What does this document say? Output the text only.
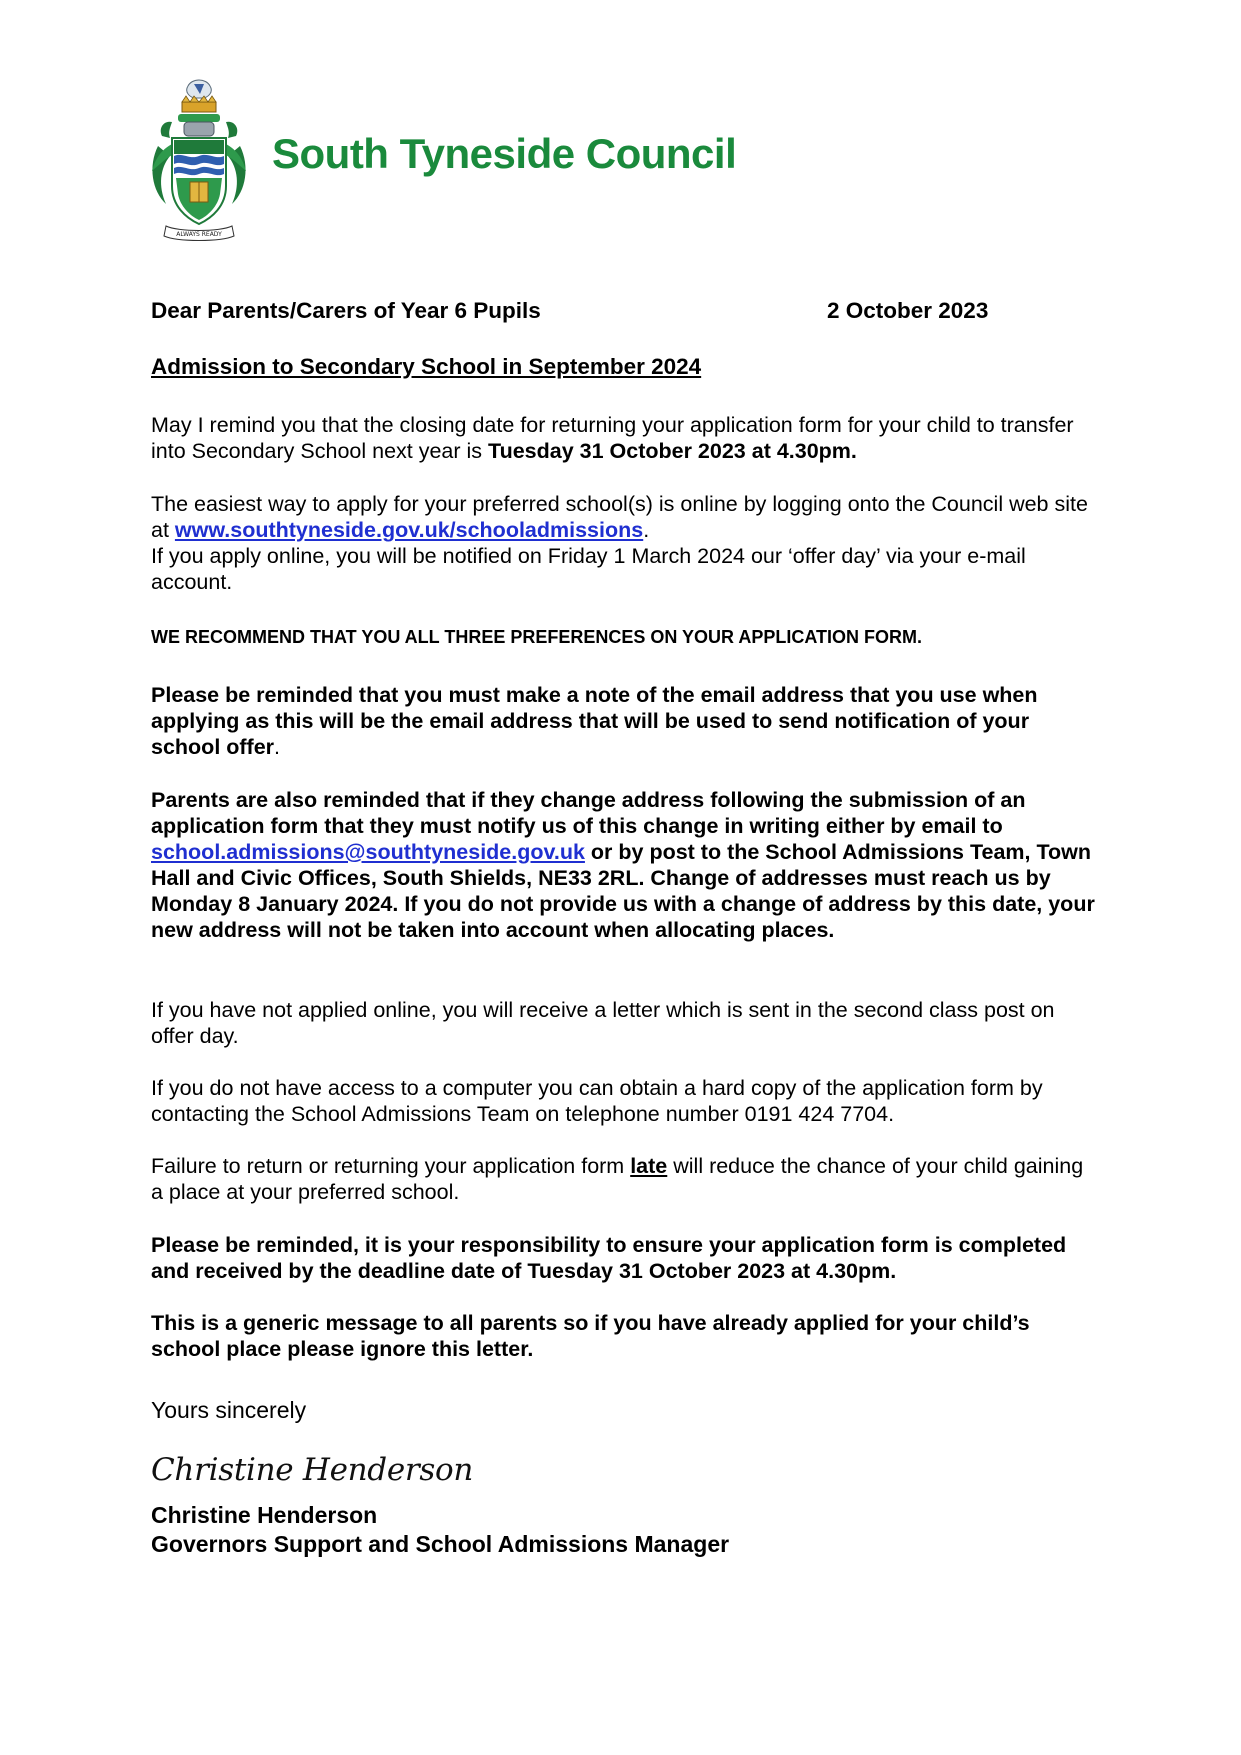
ALWAYS READY
South Tyneside Council
Dear Parents/Carers of Year 6 Pupils	2 October 2023
Admission to Secondary School in September 2024
May I remind you that the closing date for returning your application form for your child to transfer into Secondary School next year is Tuesday 31 October 2023 at 4.30pm.
The easiest way to apply for your preferred school(s) is online by logging onto the Council web site at www.southtyneside.gov.uk/schooladmissions.
If you apply online, you will be notified on Friday 1 March 2024 our ‘offer day’ via your e-mail account.
WE RECOMMEND THAT YOU ALL THREE PREFERENCES ON YOUR APPLICATION FORM.
Please be reminded that you must make a note of the email address that you use when applying as this will be the email address that will be used to send notification of your school offer.
Parents are also reminded that if they change address following the submission of an application form that they must notify us of this change in writing either by email to school.admissions@southtyneside.gov.uk or by post to the School Admissions Team, Town Hall and Civic Offices, South Shields, NE33 2RL. Change of addresses must reach us by Monday 8 January 2024. If you do not provide us with a change of address by this date, your new address will not be taken into account when allocating places.
If you have not applied online, you will receive a letter which is sent in the second class post on offer day.
If you do not have access to a computer you can obtain a hard copy of the application form by contacting the School Admissions Team on telephone number 0191 424 7704.
Failure to return or returning your application form late will reduce the chance of your child gaining a place at your preferred school.
Please be reminded, it is your responsibility to ensure your application form is completed and received by the deadline date of Tuesday 31 October 2023 at 4.30pm.
This is a generic message to all parents so if you have already applied for your child’s school place please ignore this letter.
Yours sincerely
Christine Henderson
Christine Henderson
Governors Support and School Admissions Manager
